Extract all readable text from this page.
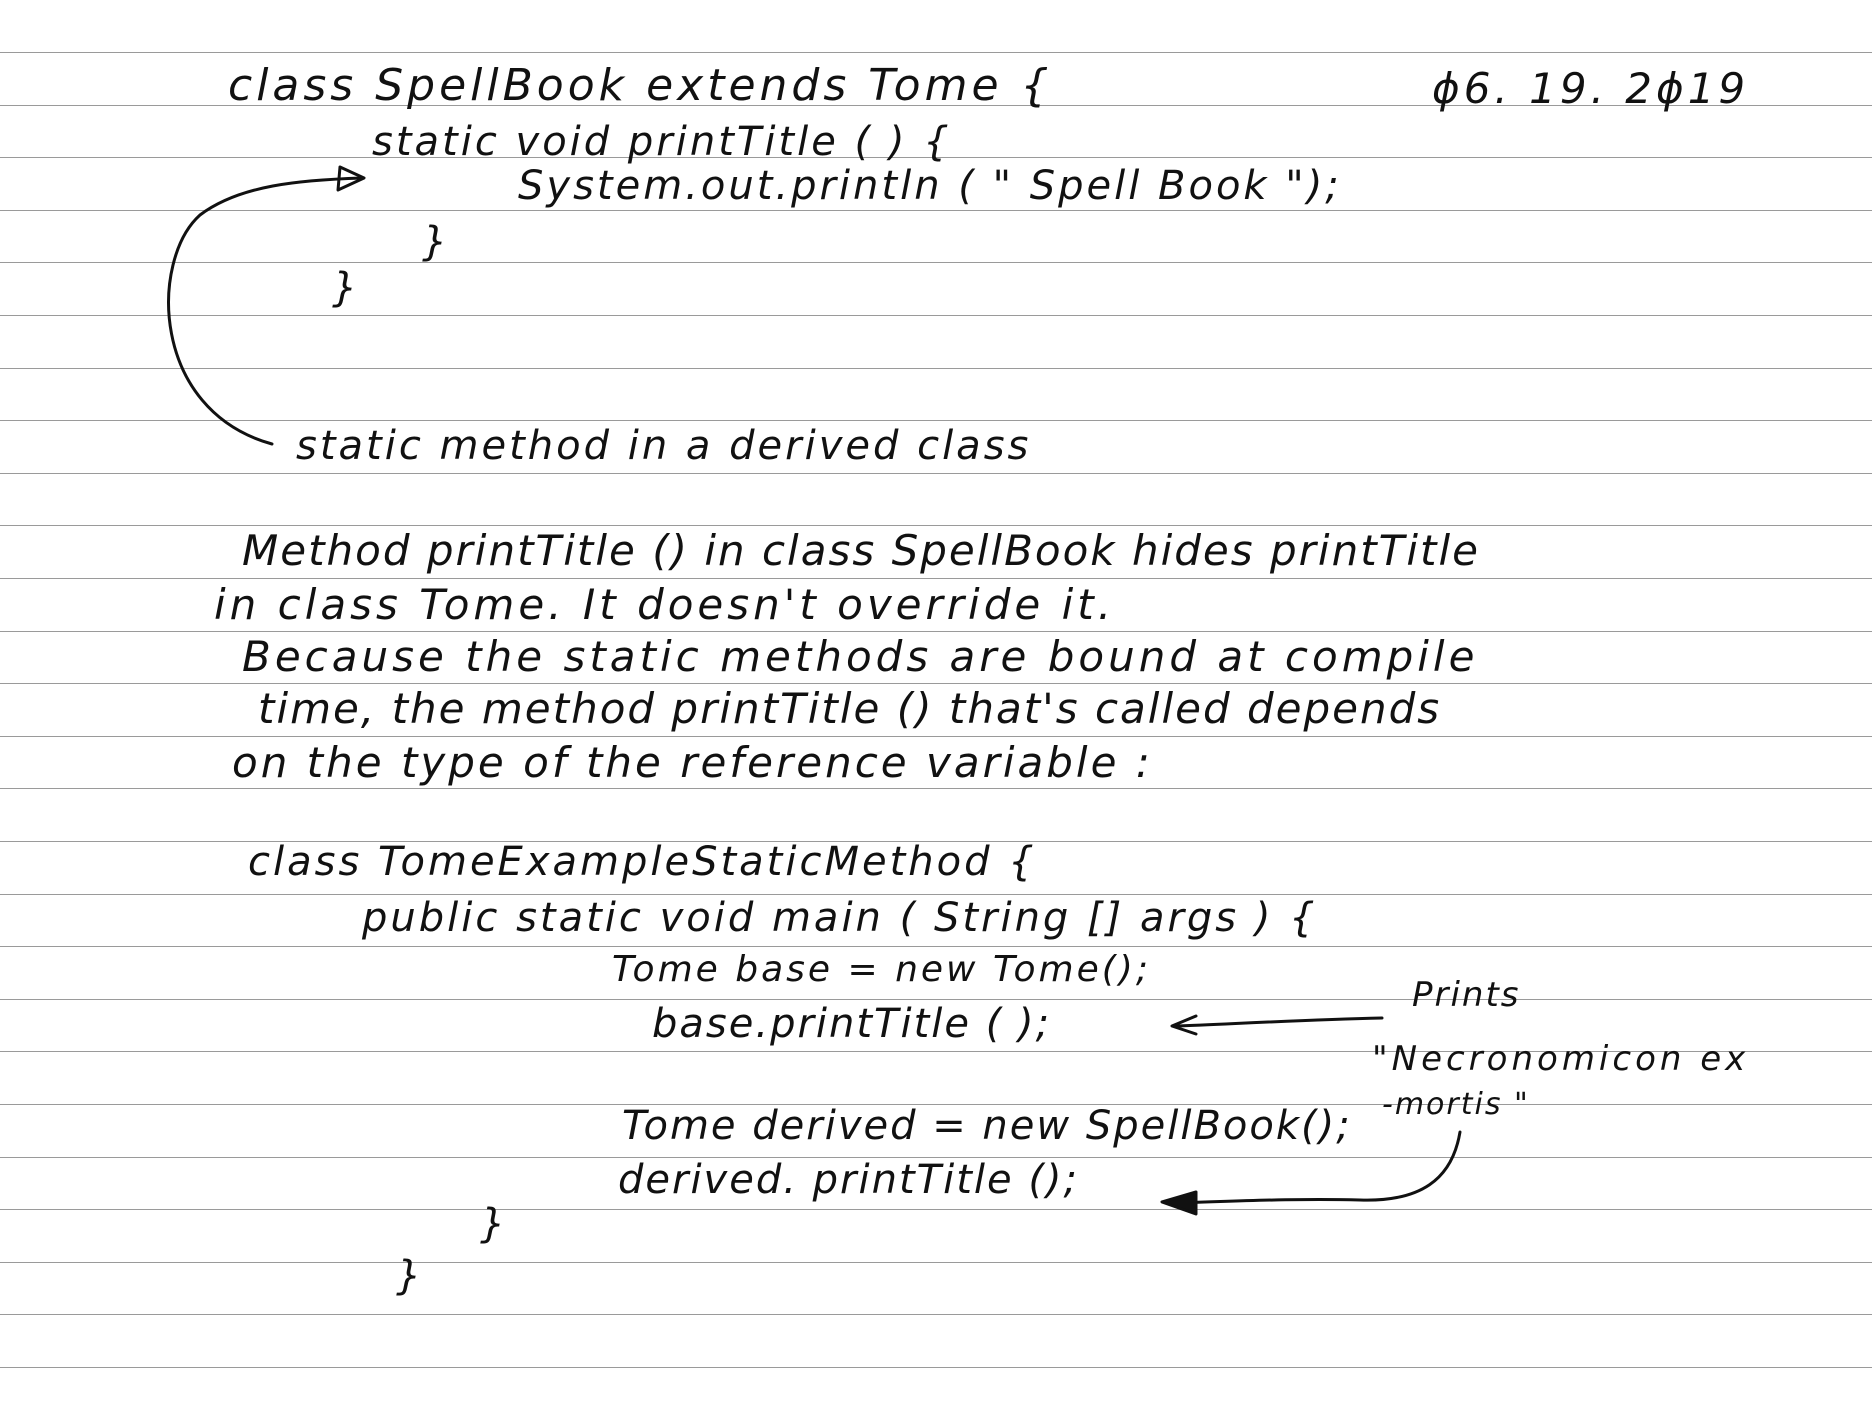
ϕ6. 19. 2ϕ19
class SpellBook extends Tome {
static void printTitle ( ) {
System.out.println ( " Spell Book ");
}
}
static method in a derived class
Method printTitle () in class SpellBook hides printTitle
in class Tome. It doesn't override it.
Because the static methods are bound at compile
time, the method printTitle () that's called depends
on the type of the reference variable :
class TomeExampleStaticMethod {
public static void main ( String [] args ) {
Tome base = new Tome();
base.printTitle ( );
Tome derived = new SpellBook();
derived. printTitle ();
}
}
Prints
"Necronomicon ex
-mortis "
